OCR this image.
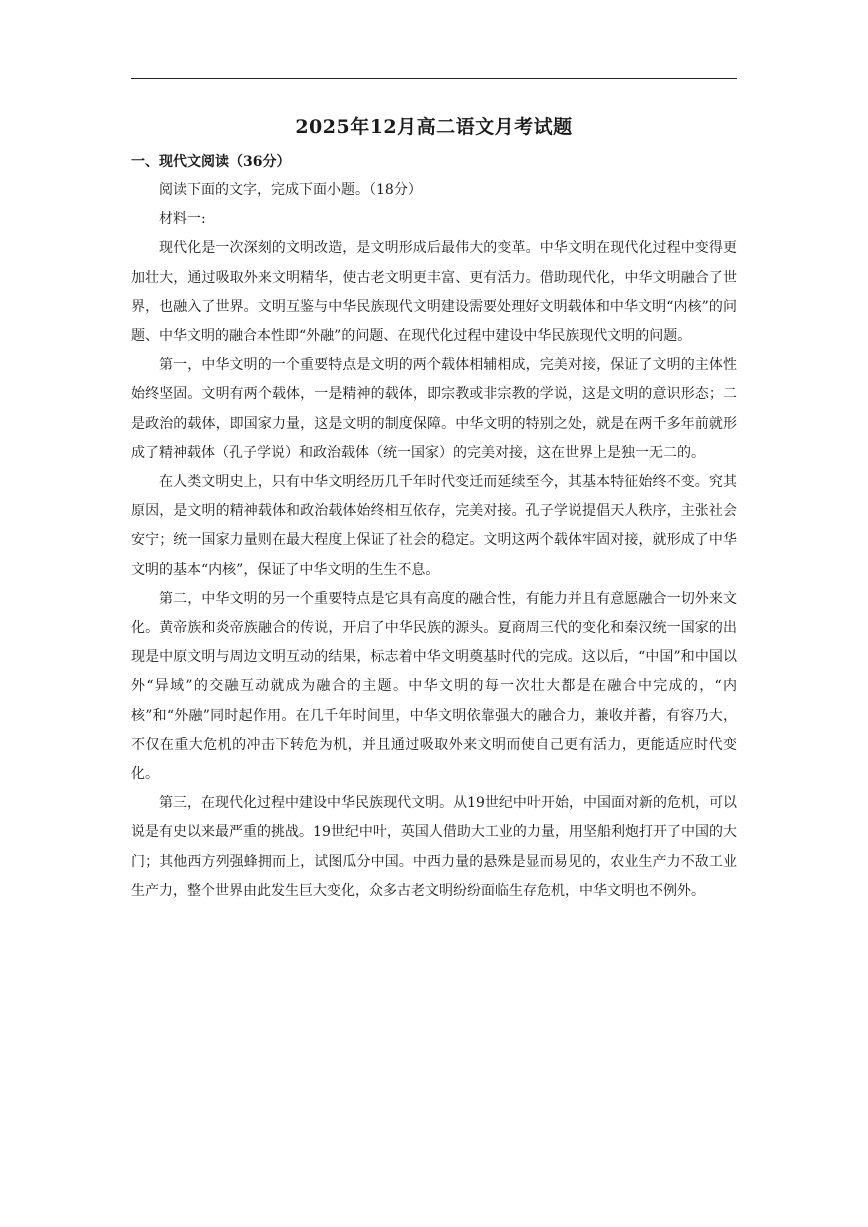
2025年12月高二语文月考试题
一、现代文阅读（36分）

阅读下面的文字，完成下面小题。（18分）

材料一:

现代化是一次深刻的文明改造，是文明形成后最伟大的变革。中华文明在现代化过程中变得更加壮大，通过吸取外来文明精华，使古老文明更丰富、更有活力。借助现代化，中华文明融合了世界，也融入了世界。文明互鉴与中华民族现代文明建设需要处理好文明载体和中华文明“内核”的问题、中华文明的融合本性即“外融”的问题、在现代化过程中建设中华民族现代文明的问题。

第一，中华文明的一个重要特点是文明的两个载体相辅相成，完美对接，保证了文明的主体性始终坚固。文明有两个载体，一是精神的载体，即宗教或非宗教的学说，这是文明的意识形态；二是政治的载体，即国家力量，这是文明的制度保障。中华文明的特别之处，就是在两千多年前就形成了精神载体（孔子学说）和政治载体（统一国家）的完美对接，这在世界上是独一无二的。

在人类文明史上，只有中华文明经历几千年时代变迁而延续至今，其基本特征始终不变。究其原因，是文明的精神载体和政治载体始终相互依存，完美对接。孔子学说提倡天人秩序，主张社会安宁；统一国家力量则在最大程度上保证了社会的稳定。文明这两个载体牢固对接，就形成了中华文明的基本“内核”，保证了中华文明的生生不息。

第二，中华文明的另一个重要特点是它具有高度的融合性，有能力并且有意愿融合一切外来文化。黄帝族和炎帝族融合的传说，开启了中华民族的源头。夏商周三代的变化和秦汉统一国家的出现是中原文明与周边文明互动的结果，标志着中华文明奠基时代的完成。这以后，“中国”和中国以外“异域”的交融互动就成为融合的主题。中华文明的每一次壮大都是在融合中完成的，“内核”和“外融”同时起作用。在几千年时间里，中华文明依靠强大的融合力，兼收并蓄，有容乃大，不仅在重大危机的冲击下转危为机，并且通过吸取外来文明而使自己更有活力，更能适应时代变化。

第三，在现代化过程中建设中华民族现代文明。从19世纪中叶开始，中国面对新的危机，可以说是有史以来最严重的挑战。19世纪中叶，英国人借助大工业的力量，用坚船利炮打开了中国的大门；其他西方列强蜂拥而上，试图瓜分中国。中西力量的悬殊是显而易见的，农业生产力不敌工业生产力，整个世界由此发生巨大变化，众多古老文明纷纷面临生存危机，中华文明也不例外。
